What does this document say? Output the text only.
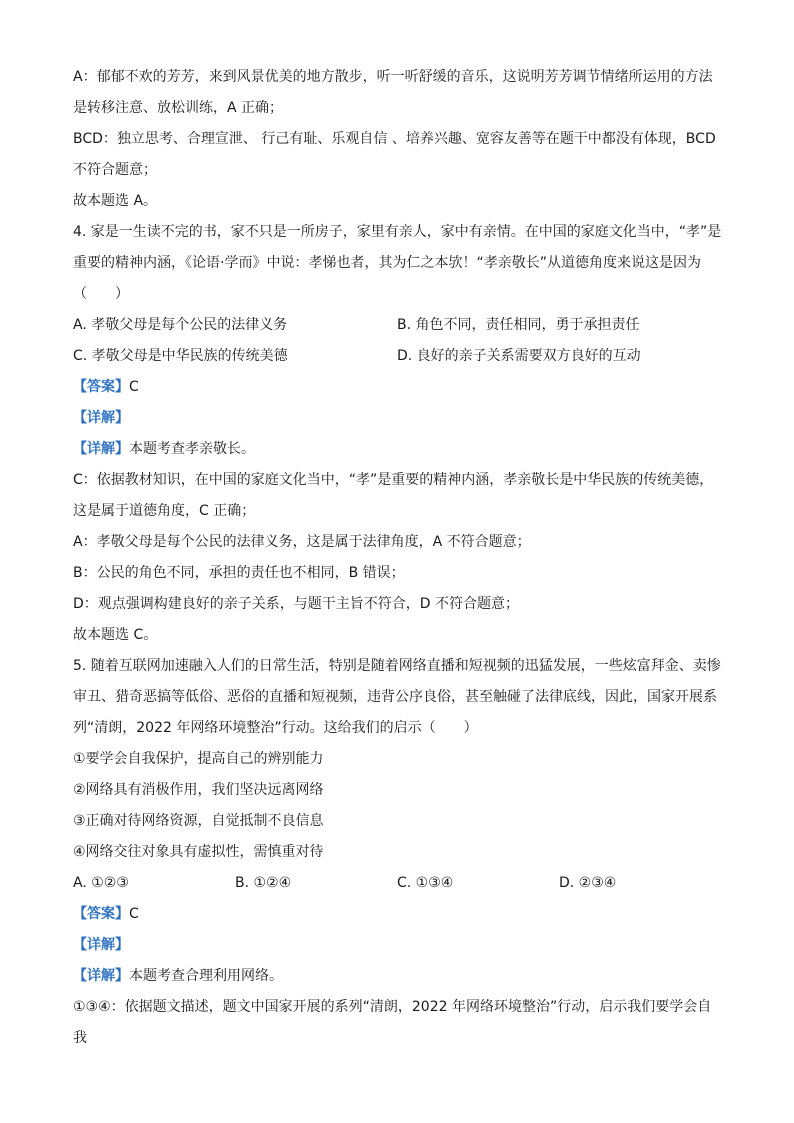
A：郁郁不欢的芳芳，来到风景优美的地方散步，听一听舒缓的音乐，这说明芳芳调节情绪所运用的方法是转移注意、放松训练，A 正确；
BCD：独立思考、合理宣泄、 行己有耻、乐观自信 、培养兴趣、宽容友善等在题干中都没有体现，BCD 不符合题意；
故本题选 A。
4. 家是一生读不完的书，家不只是一所房子，家里有亲人，家中有亲情。在中国的家庭文化当中，“孝”是重要的精神内涵，《论语·学而》中说：孝悌也者，其为仁之本欤！“孝亲敬长”从道德角度来说这是因为（　　）
A. 孝敬父母是每个公民的法律义务	B. 角色不同，责任相同，勇于承担责任
C. 孝敬父母是中华民族的传统美德	D. 良好的亲子关系需要双方良好的互动
【答案】C
【详解】
【详解】本题考查孝亲敬长。
C：依据教材知识，在中国的家庭文化当中，“孝”是重要的精神内涵，孝亲敬长是中华民族的传统美德，这是属于道德角度，C 正确；
A：孝敬父母是每个公民的法律义务，这是属于法律角度，A 不符合题意；
B：公民的角色不同，承担的责任也不相同，B 错误；
D：观点强调构建良好的亲子关系，与题干主旨不符合，D 不符合题意；
故本题选 C。
5. 随着互联网加速融入人们的日常生活，特别是随着网络直播和短视频的迅猛发展，一些炫富拜金、卖惨审丑、猎奇恶搞等低俗、恶俗的直播和短视频，违背公序良俗，甚至触碰了法律底线，因此，国家开展系列“清朗，2022 年网络环境整治”行动。这给我们的启示（　　）
①要学会自我保护，提高自己的辨别能力
②网络具有消极作用，我们坚决远离网络
③正确对待网络资源，自觉抵制不良信息
④网络交往对象具有虚拟性，需慎重对待
A. ①②③	B. ①②④	C. ①③④	D. ②③④
【答案】C
【详解】
【详解】本题考查合理利用网络。
①③④：依据题文描述，题文中国家开展的系列“清朗，2022 年网络环境整治”行动，启示我们要学会自我
